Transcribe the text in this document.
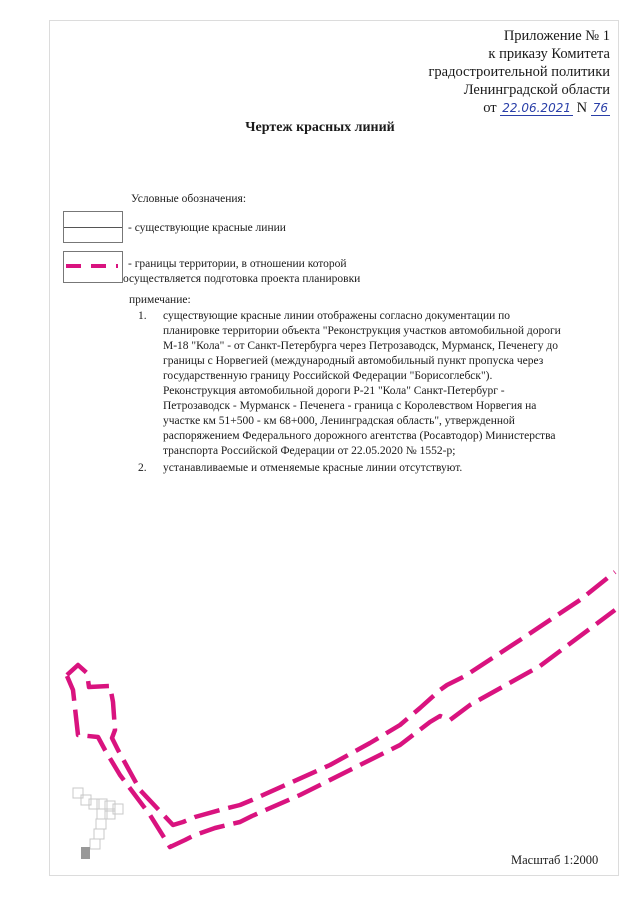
Приложение № 1
к приказу Комитета
градостроительной политики
Ленинградской области
от 22.06.2021 N 76
Чертеж красных линий
Условные обозначения:
- существующие красные линии
- границы территории, в отношении которой
осуществляется подготовка проекта планировки
примечание:
1. существующие красные линии отображены согласно документации по планировке территории объекта "Реконструкция участков автомобильной дороги М-18 "Кола" - от Санкт-Петербурга через Петрозаводск, Мурманск, Печенегу до границы с Норвегией (международный автомобильный пункт пропуска через государственную границу Российской Федерации "Борисоглебск"). Реконструкция автомобильной дороги Р-21 "Кола" Санкт-Петербург - Петрозаводск - Мурманск - Печенега - граница с Королевством Норвегия на участке км 51+500 - км 68+000, Ленинградская область", утвержденной распоряжением Федерального дорожного агентства (Росавтодор) Министерства транспорта Российской Федерации от 22.05.2020 № 1552-р;
2. устанавливаемые и отменяемые красные линии отсутствуют.
Масштаб 1:2000
